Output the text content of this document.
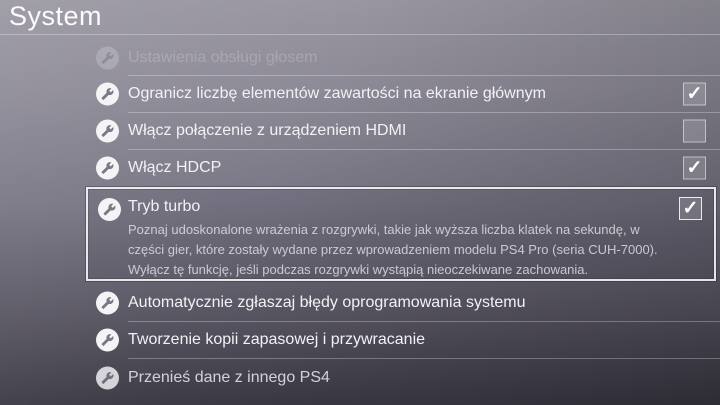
System
Ustawienia obsługi głosem
Ogranicz liczbę elementów zawartości na ekranie głównym	✓
Włącz połączenie z urządzeniem HDMI
Włącz HDCP	✓
Tryb turbo
Poznaj udoskonalone wrażenia z rozgrywki, takie jak wyższa liczba klatek na sekundę, w części gier, które zostały wydane przez wprowadzeniem modelu PS4 Pro (seria CUH-7000). Wyłącz tę funkcję, jeśli podczas rozgrywki wystąpią nieoczekiwane zachowania.
✓
Automatycznie zgłaszaj błędy oprogramowania systemu
Tworzenie kopii zapasowej i przywracanie
Przenieś dane z innego PS4
